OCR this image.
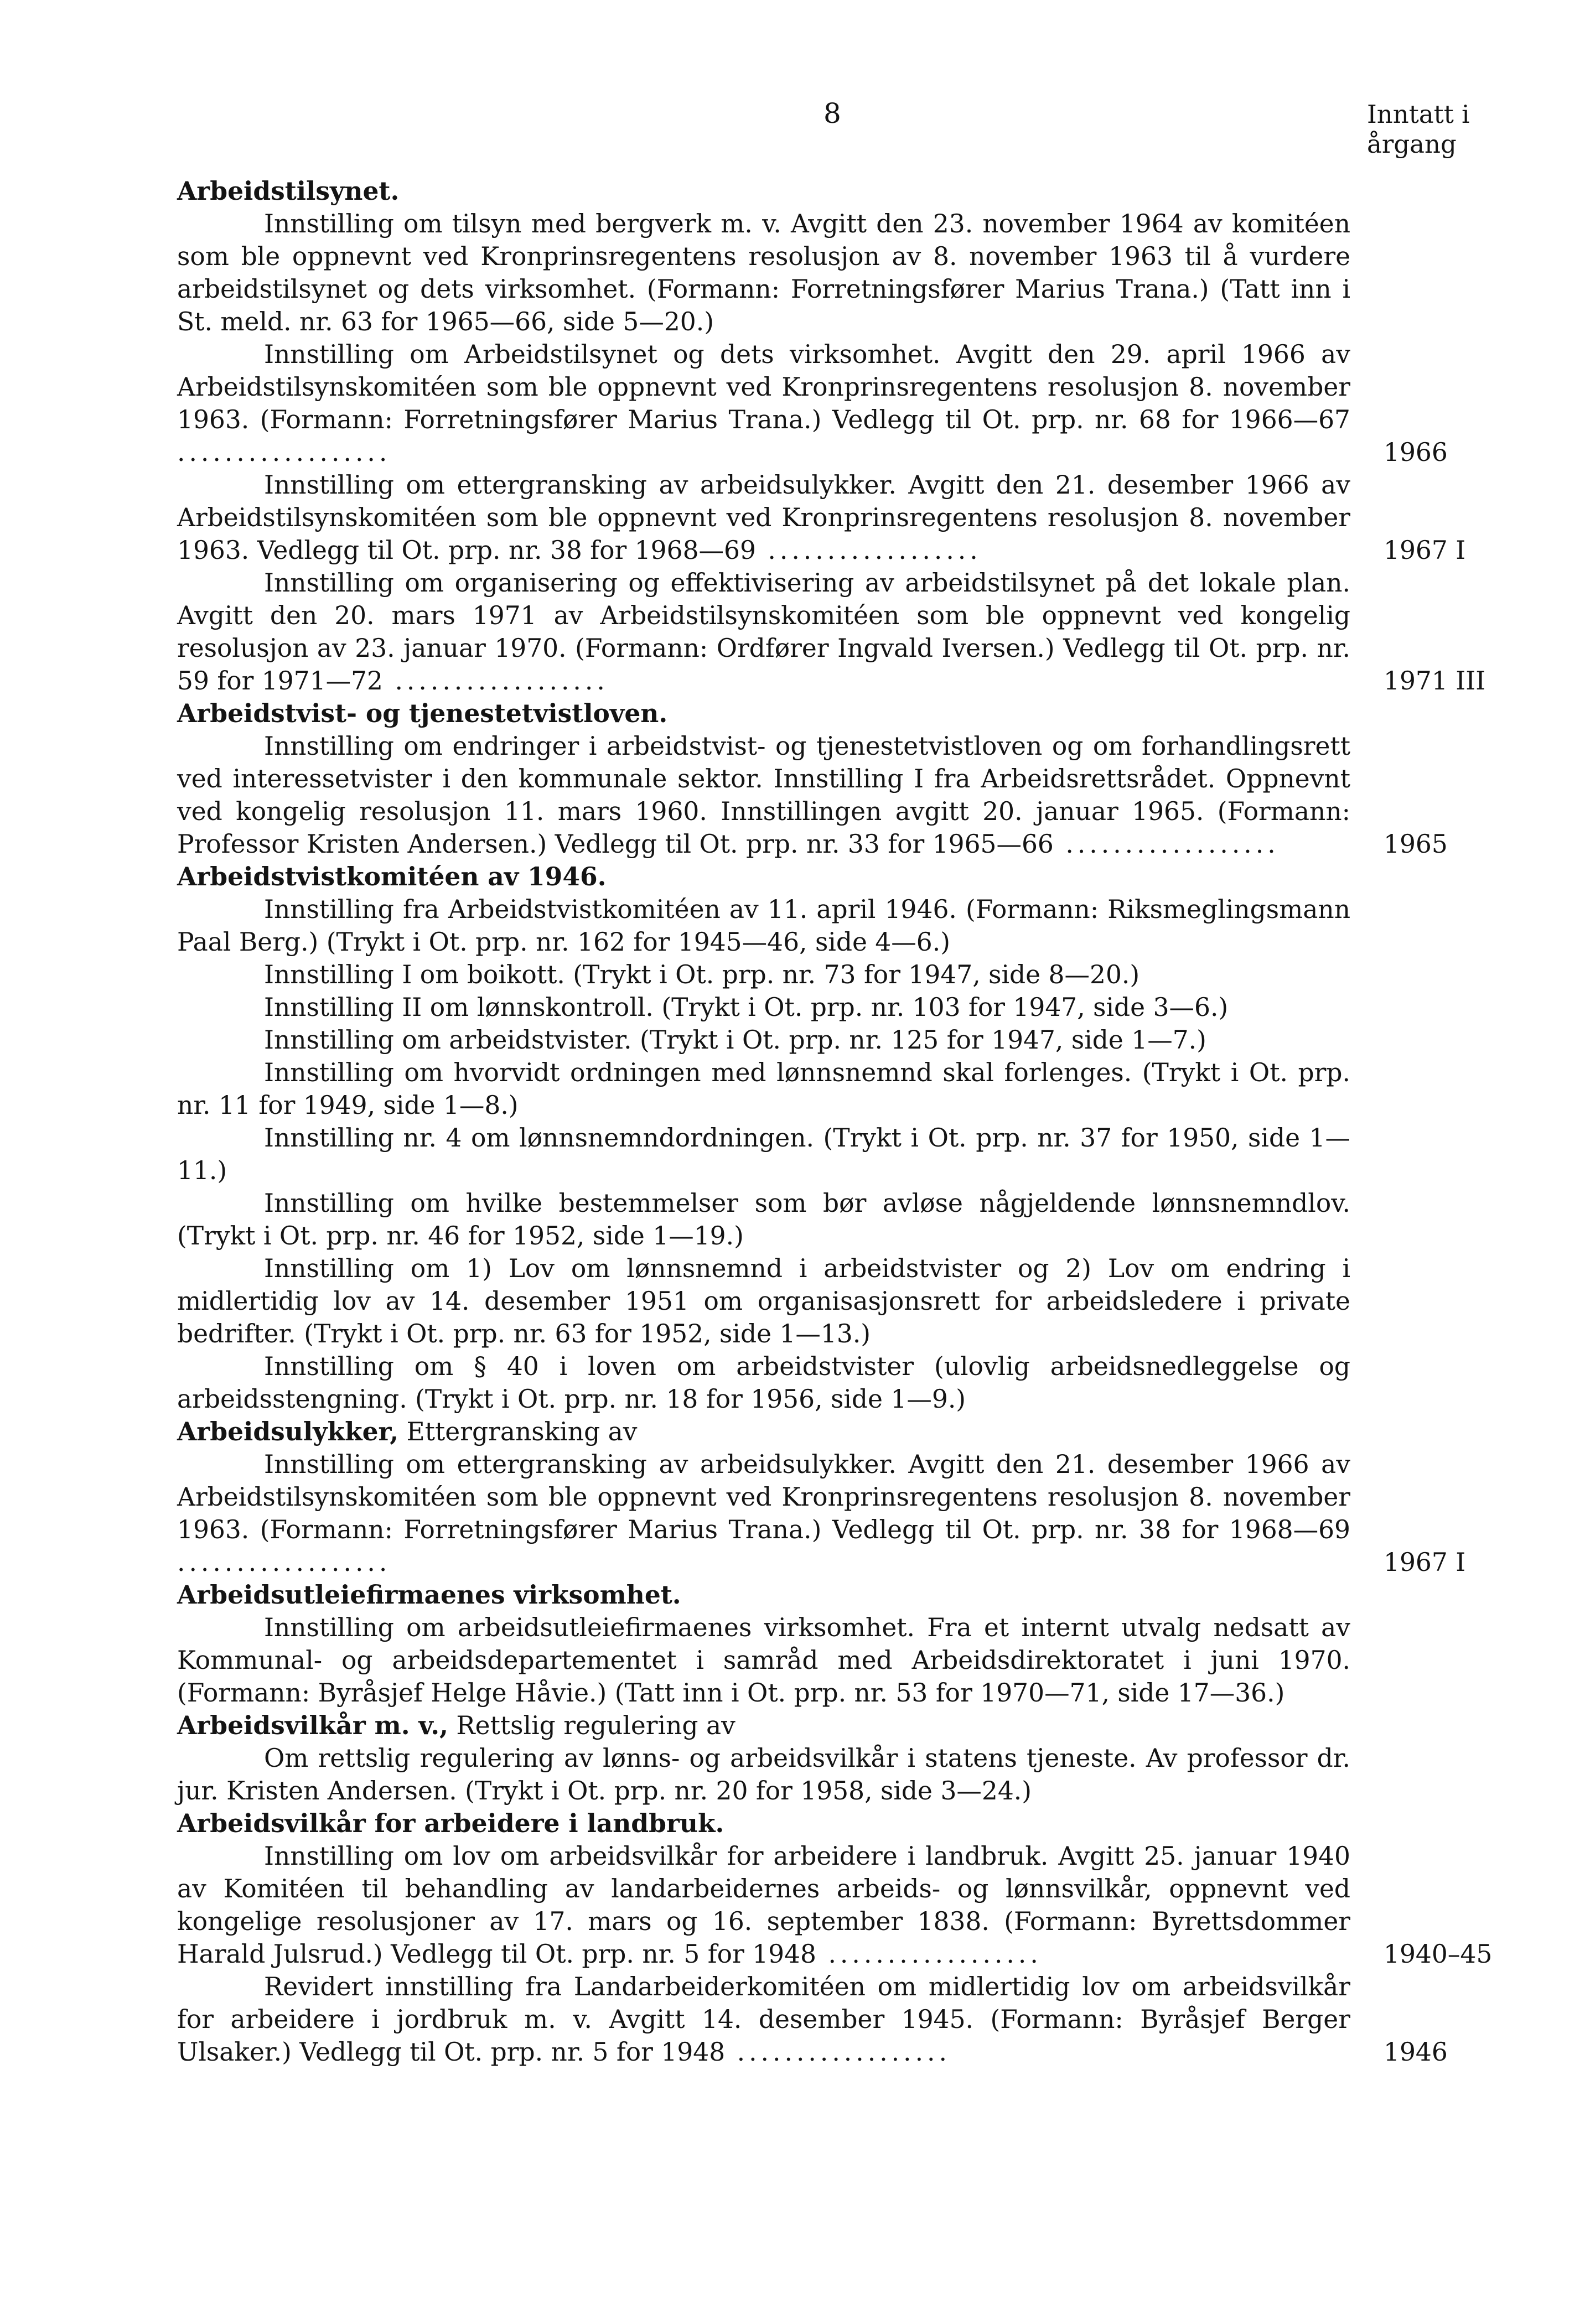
8	Inntatt i årgang
Arbeidstilsynet.
Innstilling om tilsyn med bergverk m. v. Avgitt den 23. november 1964 av komitéen som ble oppnevnt ved Kronprinsregentens resolusjon av 8. november 1963 til å vurdere arbeidstilsynet og dets virksomhet. (Formann: Forretningsfører Marius Trana.) (Tatt inn i St. meld. nr. 63 for 1965—66, side 5—20.)
Innstilling om Arbeidstilsynet og dets virksomhet. Avgitt den 29. april 1966 av Arbeidstilsynskomitéen som ble oppnevnt ved Kronprinsregentens resolusjon 8. november 1963. (Formann: Forretningsfører Marius Trana.) Vedlegg til Ot. prp. nr. 68 for 1966—67 ..................	1966
Innstilling om ettergransking av arbeidsulykker. Avgitt den 21. desember 1966 av Arbeidstilsynskomitéen som ble oppnevnt ved Kronprinsregentens resolusjon 8. november 1963. Vedlegg til Ot. prp. nr. 38 for 1968—69 ..................	1967 I
Innstilling om organisering og effektivisering av arbeidstilsynet på det lokale plan. Avgitt den 20. mars 1971 av Arbeidstilsynskomitéen som ble oppnevnt ved kongelig resolusjon av 23. januar 1970. (Formann: Ordfører Ingvald Iversen.) Vedlegg til Ot. prp. nr. 59 for 1971—72 ..................	1971 III
Arbeidstvist- og tjenestetvistloven.
Innstilling om endringer i arbeidstvist- og tjenestetvistloven og om forhandlingsrett ved interessetvister i den kommunale sektor. Innstilling I fra Arbeidsrettsrådet. Oppnevnt ved kongelig resolusjon 11. mars 1960. Innstillingen avgitt 20. januar 1965. (Formann: Professor Kristen Andersen.) Vedlegg til Ot. prp. nr. 33 for 1965—66 ..................	1965
Arbeidstvistkomitéen av 1946.
Innstilling fra Arbeidstvistkomitéen av 11. april 1946. (Formann: Riksmeglingsmann Paal Berg.) (Trykt i Ot. prp. nr. 162 for 1945—46, side 4—6.)
Innstilling I om boikott. (Trykt i Ot. prp. nr. 73 for 1947, side 8—20.)
Innstilling II om lønnskontroll. (Trykt i Ot. prp. nr. 103 for 1947, side 3—6.)
Innstilling om arbeidstvister. (Trykt i Ot. prp. nr. 125 for 1947, side 1—7.)
Innstilling om hvorvidt ordningen med lønnsnemnd skal forlenges. (Trykt i Ot. prp. nr. 11 for 1949, side 1—8.)
Innstilling nr. 4 om lønnsnemndordningen. (Trykt i Ot. prp. nr. 37 for 1950, side 1—11.)
Innstilling om hvilke bestemmelser som bør avløse någjeldende lønnsnemndlov. (Trykt i Ot. prp. nr. 46 for 1952, side 1—19.)
Innstilling om 1) Lov om lønnsnemnd i arbeidstvister og 2) Lov om endring i midlertidig lov av 14. desember 1951 om organisasjonsrett for arbeidsledere i private bedrifter. (Trykt i Ot. prp. nr. 63 for 1952, side 1—13.)
Innstilling om § 40 i loven om arbeidstvister (ulovlig arbeidsnedleggelse og arbeidsstengning. (Trykt i Ot. prp. nr. 18 for 1956, side 1—9.)
Arbeidsulykker, Ettergransking av
Innstilling om ettergransking av arbeidsulykker. Avgitt den 21. desember 1966 av Arbeidstilsynskomitéen som ble oppnevnt ved Kronprinsregentens resolusjon 8. november 1963. (Formann: Forretningsfører Marius Trana.) Vedlegg til Ot. prp. nr. 38 for 1968—69 ..................	1967 I
Arbeidsutleiefirmaenes virksomhet.
Innstilling om arbeidsutleiefirmaenes virksomhet. Fra et internt utvalg nedsatt av Kommunal- og arbeidsdepartementet i samråd med Arbeidsdirektoratet i juni 1970. (Formann: Byråsjef Helge Håvie.) (Tatt inn i Ot. prp. nr. 53 for 1970—71, side 17—36.)
Arbeidsvilkår m. v., Rettslig regulering av
Om rettslig regulering av lønns- og arbeidsvilkår i statens tjeneste. Av professor dr. jur. Kristen Andersen. (Trykt i Ot. prp. nr. 20 for 1958, side 3—24.)
Arbeidsvilkår for arbeidere i landbruk.
Innstilling om lov om arbeidsvilkår for arbeidere i landbruk. Avgitt 25. januar 1940 av Komitéen til behandling av landarbeidernes arbeids- og lønnsvilkår, oppnevnt ved kongelige resolusjoner av 17. mars og 16. september 1838. (Formann: Byrettsdommer Harald Julsrud.) Vedlegg til Ot. prp. nr. 5 for 1948 ..................	1940–45
Revidert innstilling fra Landarbeiderkomitéen om midlertidig lov om arbeidsvilkår for arbeidere i jordbruk m. v. Avgitt 14. desember 1945. (Formann: Byråsjef Berger Ulsaker.) Vedlegg til Ot. prp. nr. 5 for 1948 ..................	1946
